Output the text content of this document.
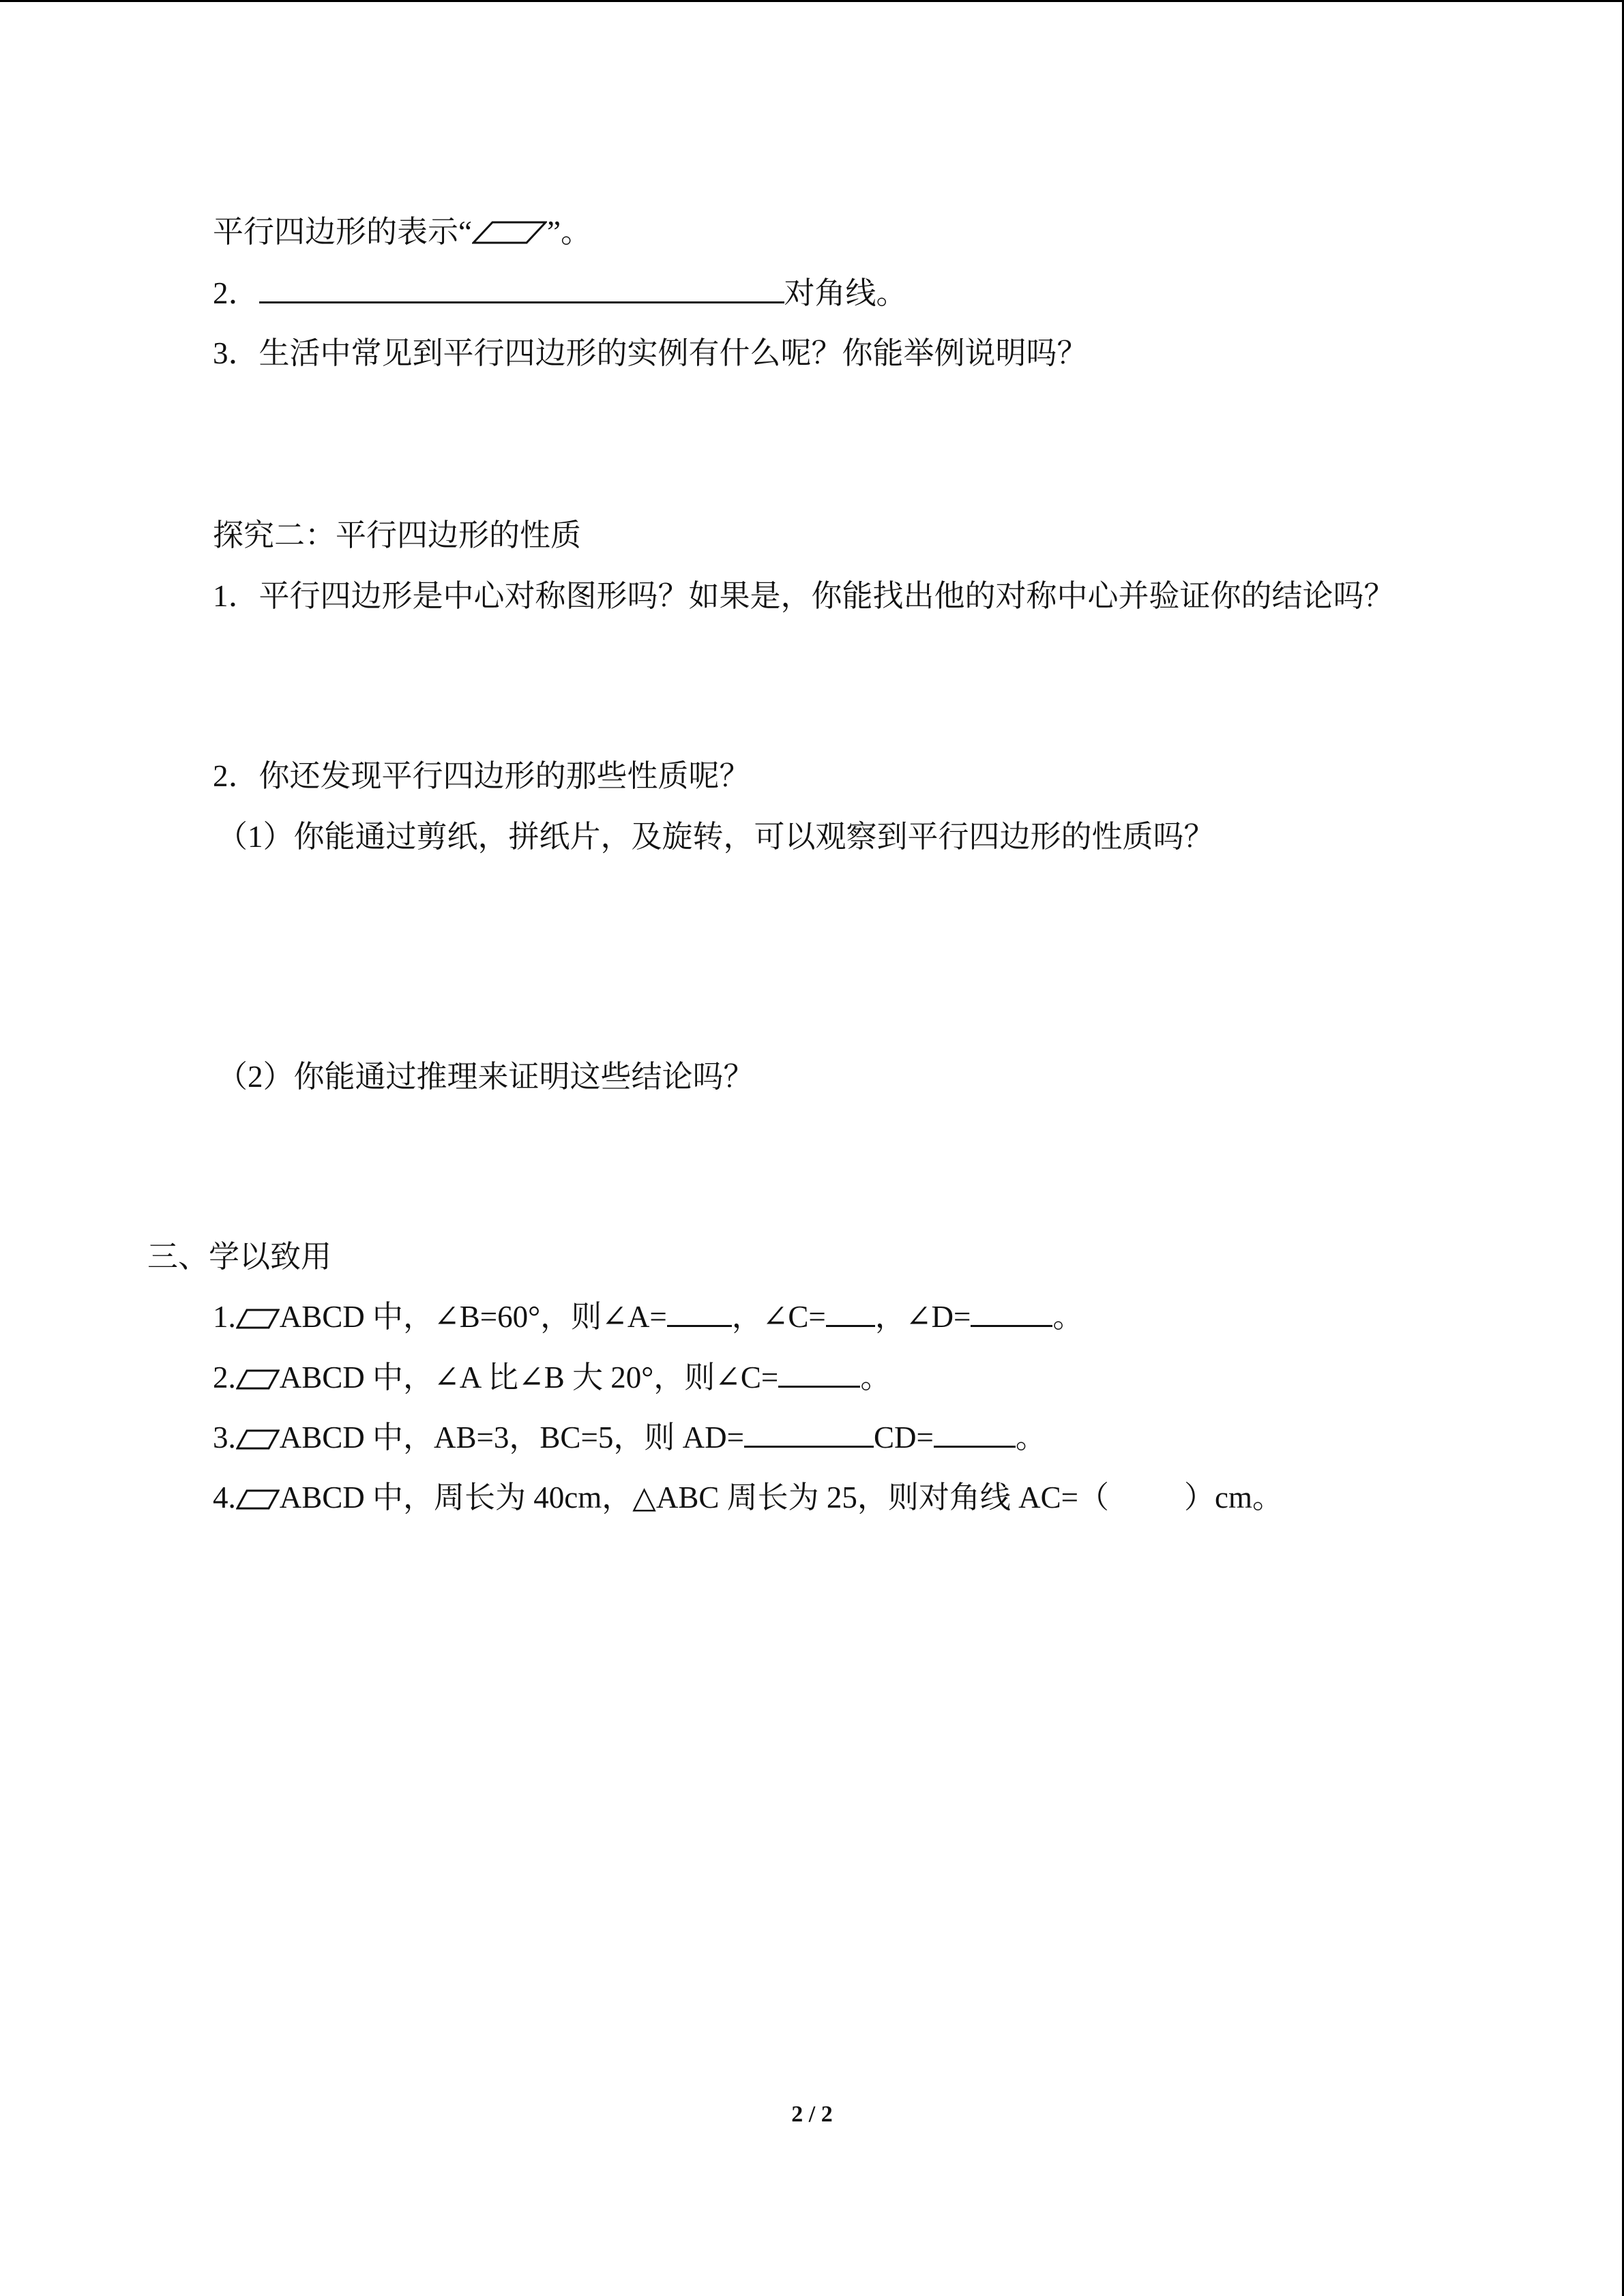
平行四边形的表示“ ”。
2．	对角线。
3．生活中常见到平行四边形的实例有什么呢？你能举例说明吗？
探究二：平行四边形的性质
1．平行四边形是中心对称图形吗？如果是，你能找出他的对称中心并验证你的结论吗？
2．你还发现平行四边形的那些性质呢？
（1）你能通过剪纸，拼纸片，及旋转，可以观察到平行四边形的性质吗？
（2）你能通过推理来证明这些结论吗？
三、学以致用
1. ABCD 中，∠B=60°，则∠A= ，∠C= ，∠D=	。
2. ABCD 中，∠A 比∠B 大 20°，则∠C=	。
3. ABCD 中，AB=3，BC=5，则 AD=	CD=	。
4. ABCD 中，周长为 40cm，△ABC 周长为 25，则对角线 AC=（ ）cm。
2 / 2
